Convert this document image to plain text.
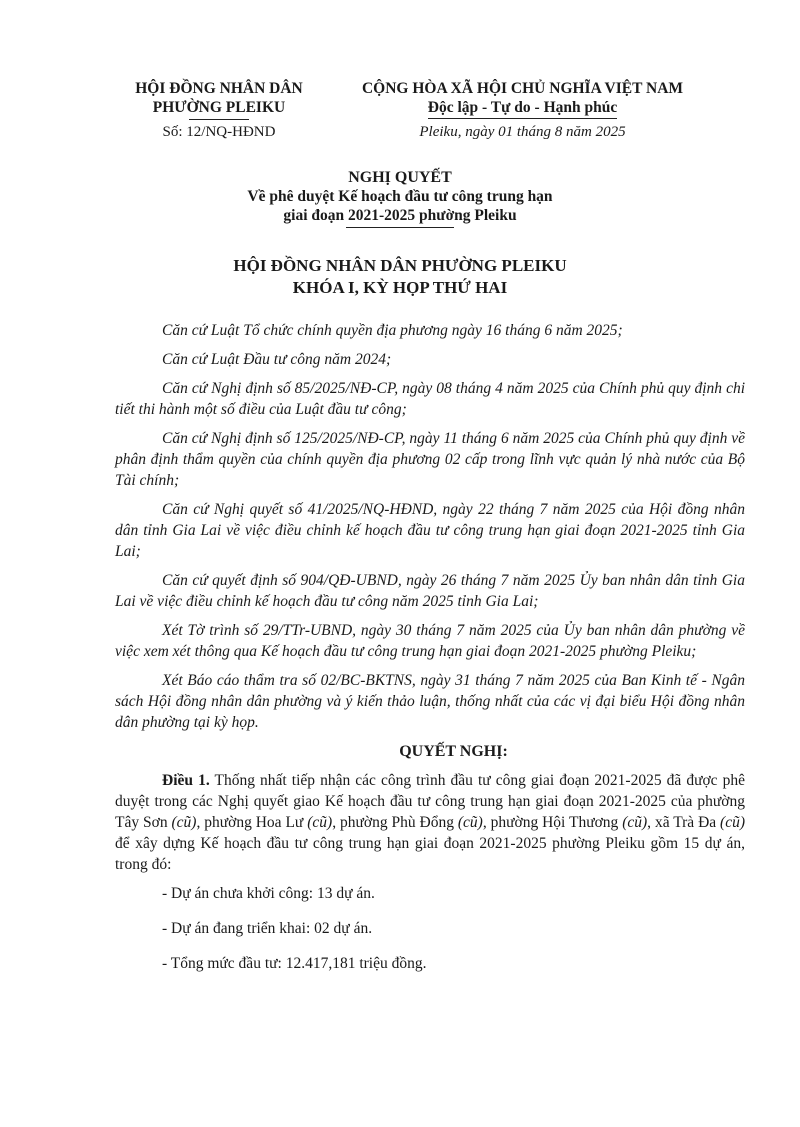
HỘI ĐỒNG NHÂN DÂN
PHƯỜNG PLEIKU
Số: 12/NQ-HĐND
CỘNG HÒA XÃ HỘI CHỦ NGHĨA VIỆT NAM
Độc lập - Tự do - Hạnh phúc
Pleiku, ngày 01 tháng 8 năm 2025
NGHỊ QUYẾT
Về phê duyệt Kế hoạch đầu tư công trung hạn
giai đoạn 2021-2025 phường Pleiku
HỘI ĐỒNG NHÂN DÂN PHƯỜNG PLEIKU
KHÓA I, KỲ HỌP THỨ HAI

Căn cứ Luật Tổ chức chính quyền địa phương ngày 16 tháng 6 năm 2025;

Căn cứ Luật Đầu tư công năm 2024;

Căn cứ Nghị định số 85/2025/NĐ-CP, ngày 08 tháng 4 năm 2025 của Chính phủ quy định chi tiết thi hành một số điều của Luật đầu tư công;

Căn cứ Nghị định số 125/2025/NĐ-CP, ngày 11 tháng 6 năm 2025 của Chính phủ quy định về phân định thẩm quyền của chính quyền địa phương 02 cấp trong lĩnh vực quản lý nhà nước của Bộ Tài chính;

Căn cứ Nghị quyết số 41/2025/NQ-HĐND, ngày 22 tháng 7 năm 2025 của Hội đồng nhân dân tỉnh Gia Lai về việc điều chỉnh kế hoạch đầu tư công trung hạn giai đoạn 2021-2025 tỉnh Gia Lai;

Căn cứ quyết định số 904/QĐ-UBND, ngày 26 tháng 7 năm 2025 Ủy ban nhân dân tỉnh Gia Lai về việc điều chỉnh kế hoạch đầu tư công năm 2025 tỉnh Gia Lai;

Xét Tờ trình số 29/TTr-UBND, ngày 30 tháng 7 năm 2025 của Ủy ban nhân dân phường về việc xem xét thông qua Kế hoạch đầu tư công trung hạn giai đoạn 2021-2025 phường Pleiku;

Xét Báo cáo thẩm tra số 02/BC-BKTNS, ngày 31 tháng 7 năm 2025 của Ban Kinh tế - Ngân sách Hội đồng nhân dân phường và ý kiến thảo luận, thống nhất của các vị đại biểu Hội đồng nhân dân phường tại kỳ họp.

QUYẾT NGHỊ:

Điều 1. Thống nhất tiếp nhận các công trình đầu tư công giai đoạn 2021-2025 đã được phê duyệt trong các Nghị quyết giao Kế hoạch đầu tư công trung hạn giai đoạn 2021-2025 của phường Tây Sơn (cũ), phường Hoa Lư (cũ), phường Phù Đổng (cũ), phường Hội Thương (cũ), xã Trà Đa (cũ) để xây dựng Kế hoạch đầu tư công trung hạn giai đoạn 2021-2025 phường Pleiku gồm 15 dự án, trong đó:

- Dự án chưa khởi công: 13 dự án.

- Dự án đang triển khai: 02 dự án.

- Tổng mức đầu tư: 12.417,181 triệu đồng.
